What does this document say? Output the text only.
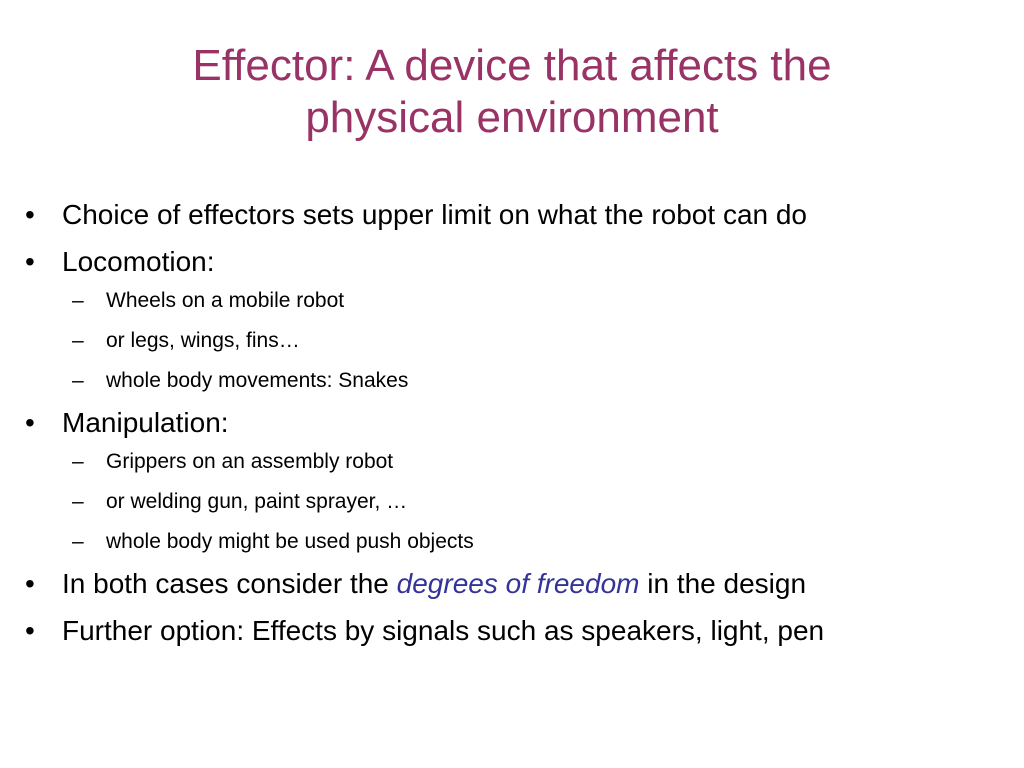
Effector: A device that affects the
physical environment
• Choice of effectors sets upper limit on what the robot can do
• Locomotion:
– Wheels on a mobile robot
– or legs, wings, fins…
– whole body movements: Snakes
• Manipulation:
– Grippers on an assembly robot
– or welding gun, paint sprayer, …
– whole body might be used push objects
• In both cases consider the degrees of freedom in the design
• Further option: Effects by signals such as speakers, light, pen
